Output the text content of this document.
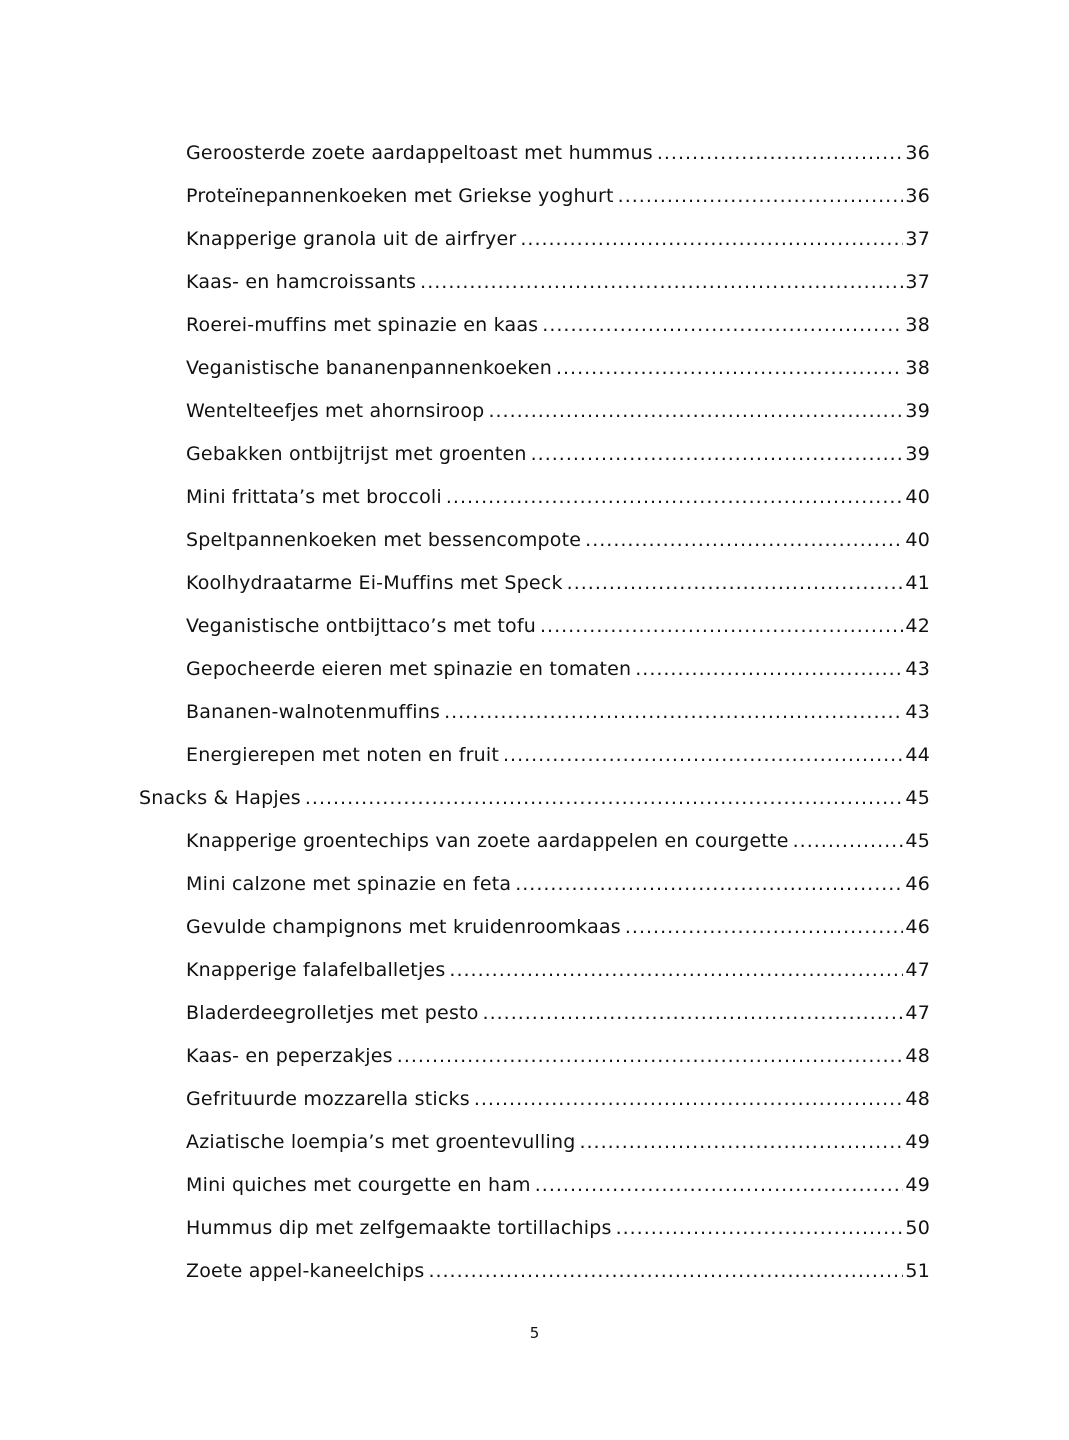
Geroosterde zoete aardappeltoast met hummus .....	36
Proteïnepannenkoeken met Griekse yoghurt .....	36
Knapperige granola uit de airfryer .....	37
Kaas- en hamcroissants .....	37
Roerei-muffins met spinazie en kaas .....	38
Veganistische bananenpannenkoeken .....	38
Wentelteefjes met ahornsiroop .....	39
Gebakken ontbijtrijst met groenten .....	39
Mini frittata’s met broccoli .....	40
Speltpannenkoeken met bessencompote .....	40
Koolhydraatarme Ei-Muffins met Speck .....	41
Veganistische ontbijttaco’s met tofu .....	42
Gepocheerde eieren met spinazie en tomaten .....	43
Bananen-walnotenmuffins .....	43
Energierepen met noten en fruit .....	44
Snacks & Hapjes .....	45
Knapperige groentechips van zoete aardappelen en courgette .....	45
Mini calzone met spinazie en feta .....	46
Gevulde champignons met kruidenroomkaas .....	46
Knapperige falafelballetjes .....	47
Bladerdeegrolletjes met pesto .....	47
Kaas- en peperzakjes .....	48
Gefrituurde mozzarella sticks .....	48
Aziatische loempia’s met groentevulling .....	49
Mini quiches met courgette en ham .....	49
Hummus dip met zelfgemaakte tortillachips .....	50
Zoete appel-kaneelchips .....	51
5
